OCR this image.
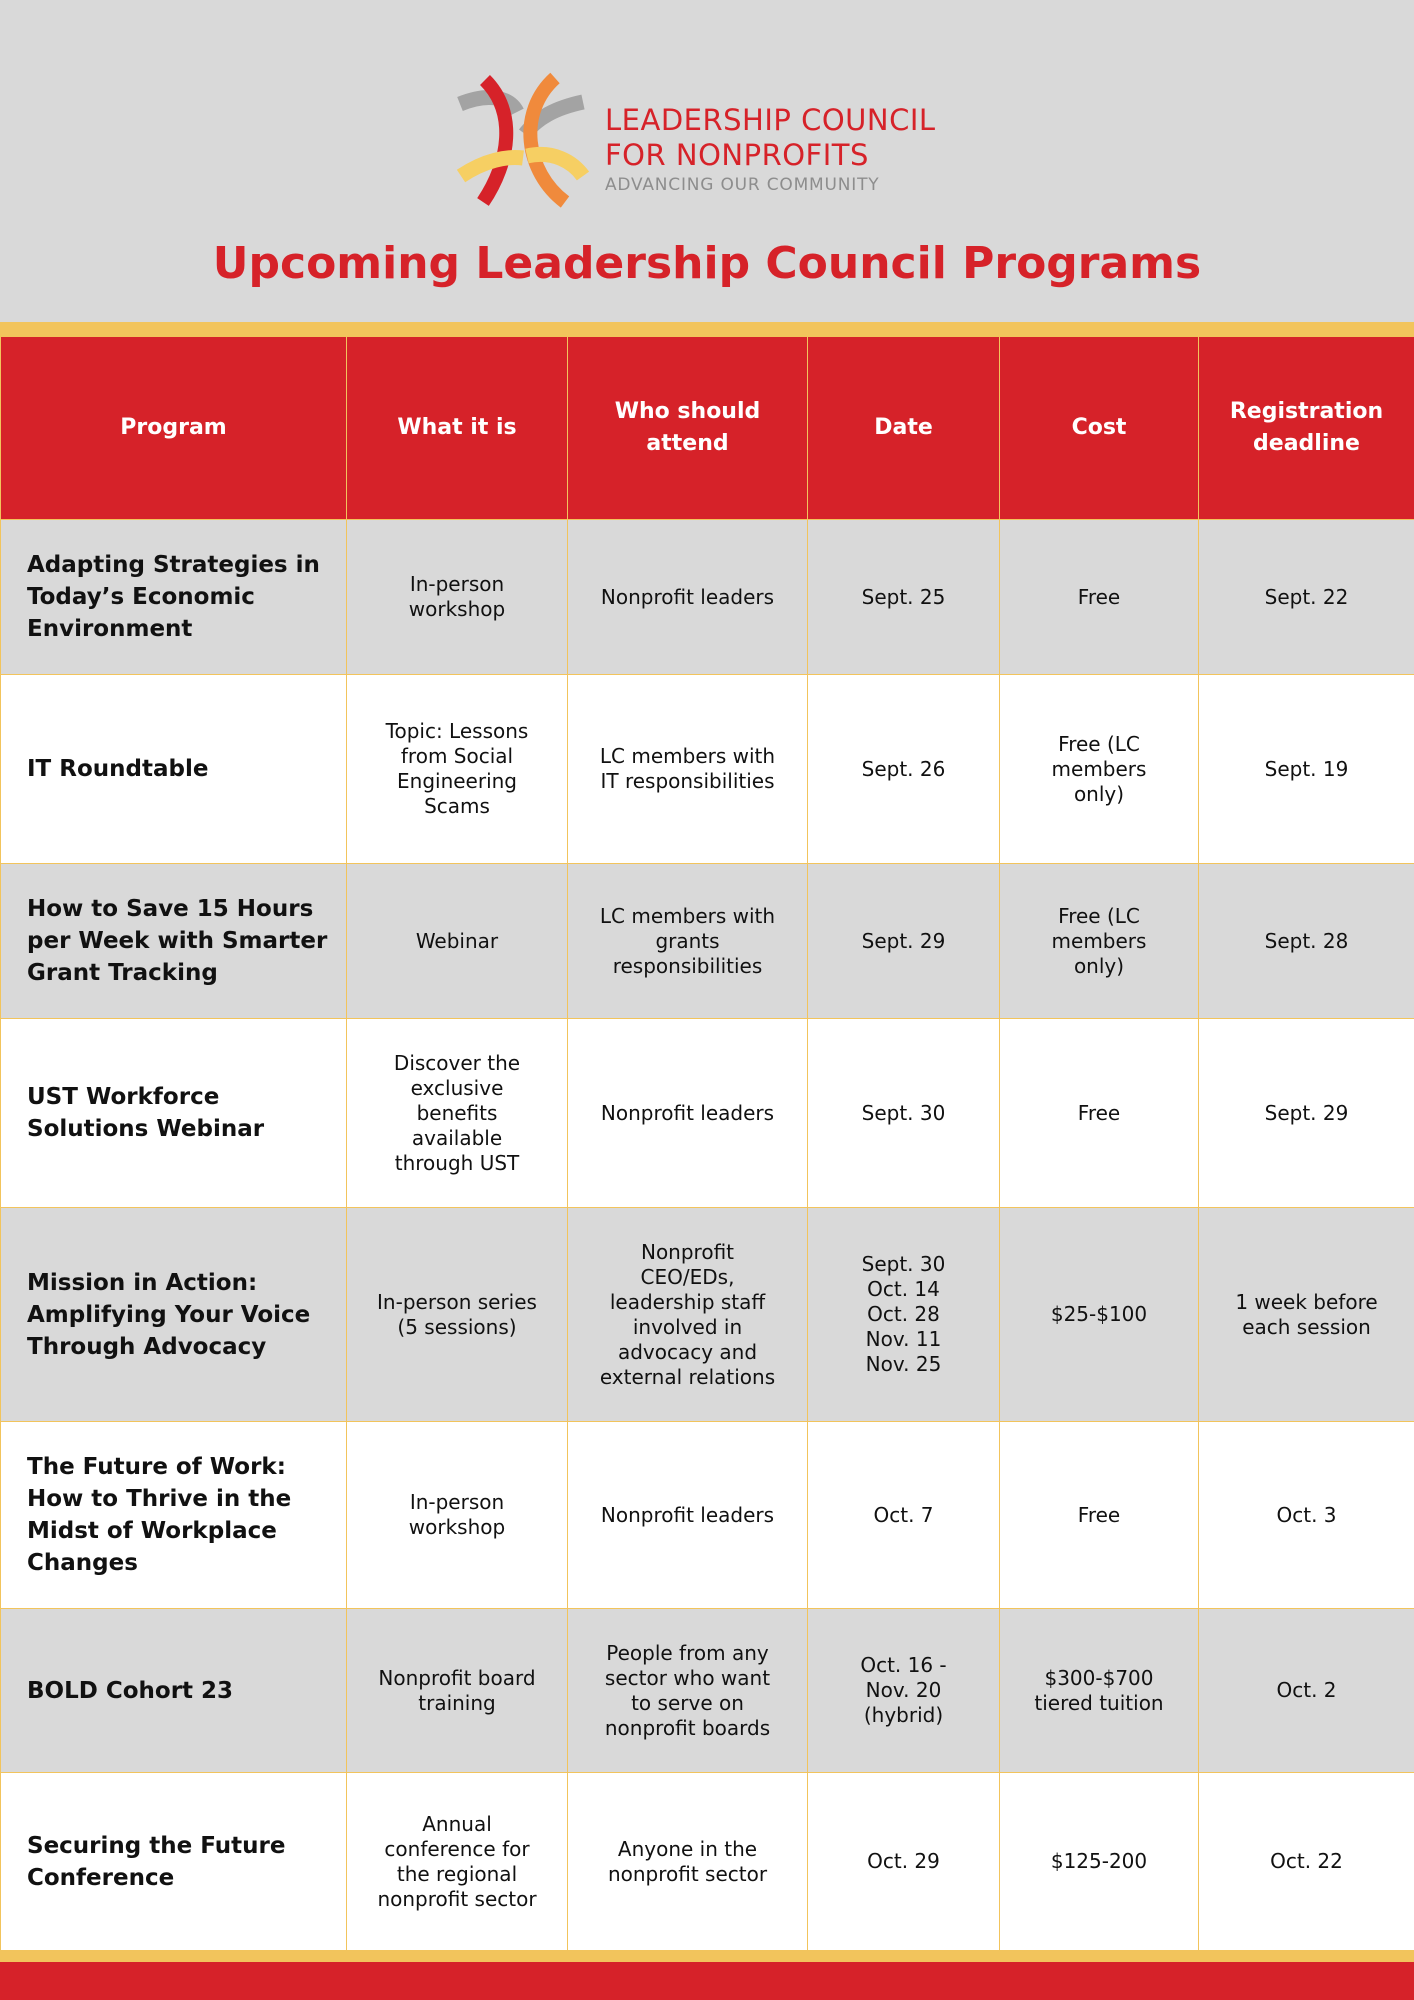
LEADERSHIP COUNCIL
FOR NONPROFITS
ADVANCING OUR COMMUNITY
Upcoming Leadership Council Programs
Program	What it is	Who should attend	Date	Cost	Registration deadline
Adapting Strategies in Today’s Economic Environment	In-person workshop	Nonprofit leaders	Sept. 25	Free	Sept. 22
IT Roundtable	Topic: Lessons from Social Engineering Scams	LC members with IT responsibilities	Sept. 26	Free (LC members only)	Sept. 19
How to Save 15 Hours per Week with Smarter Grant Tracking	Webinar	LC members with grants responsibilities	Sept. 29	Free (LC members only)	Sept. 28
UST Workforce Solutions Webinar	Discover the exclusive benefits available through UST	Nonprofit leaders	Sept. 30	Free	Sept. 29
Mission in Action: Amplifying Your Voice Through Advocacy	In-person series (5 sessions)	Nonprofit CEO/EDs, leadership staff involved in advocacy and external relations	Sept. 30
Oct. 14
Oct. 28
Nov. 11
Nov. 25	$25-$100	1 week before each session
The Future of Work: How to Thrive in the Midst of Workplace Changes	In-person workshop	Nonprofit leaders	Oct. 7	Free	Oct. 3
BOLD Cohort 23	Nonprofit board training	People from any sector who want to serve on nonprofit boards	Oct. 16 - Nov. 20 (hybrid)	$300-$700 tiered tuition	Oct. 2
Securing the Future Conference	Annual conference for the regional nonprofit sector	Anyone in the nonprofit sector	Oct. 29	$125-200	Oct. 22
